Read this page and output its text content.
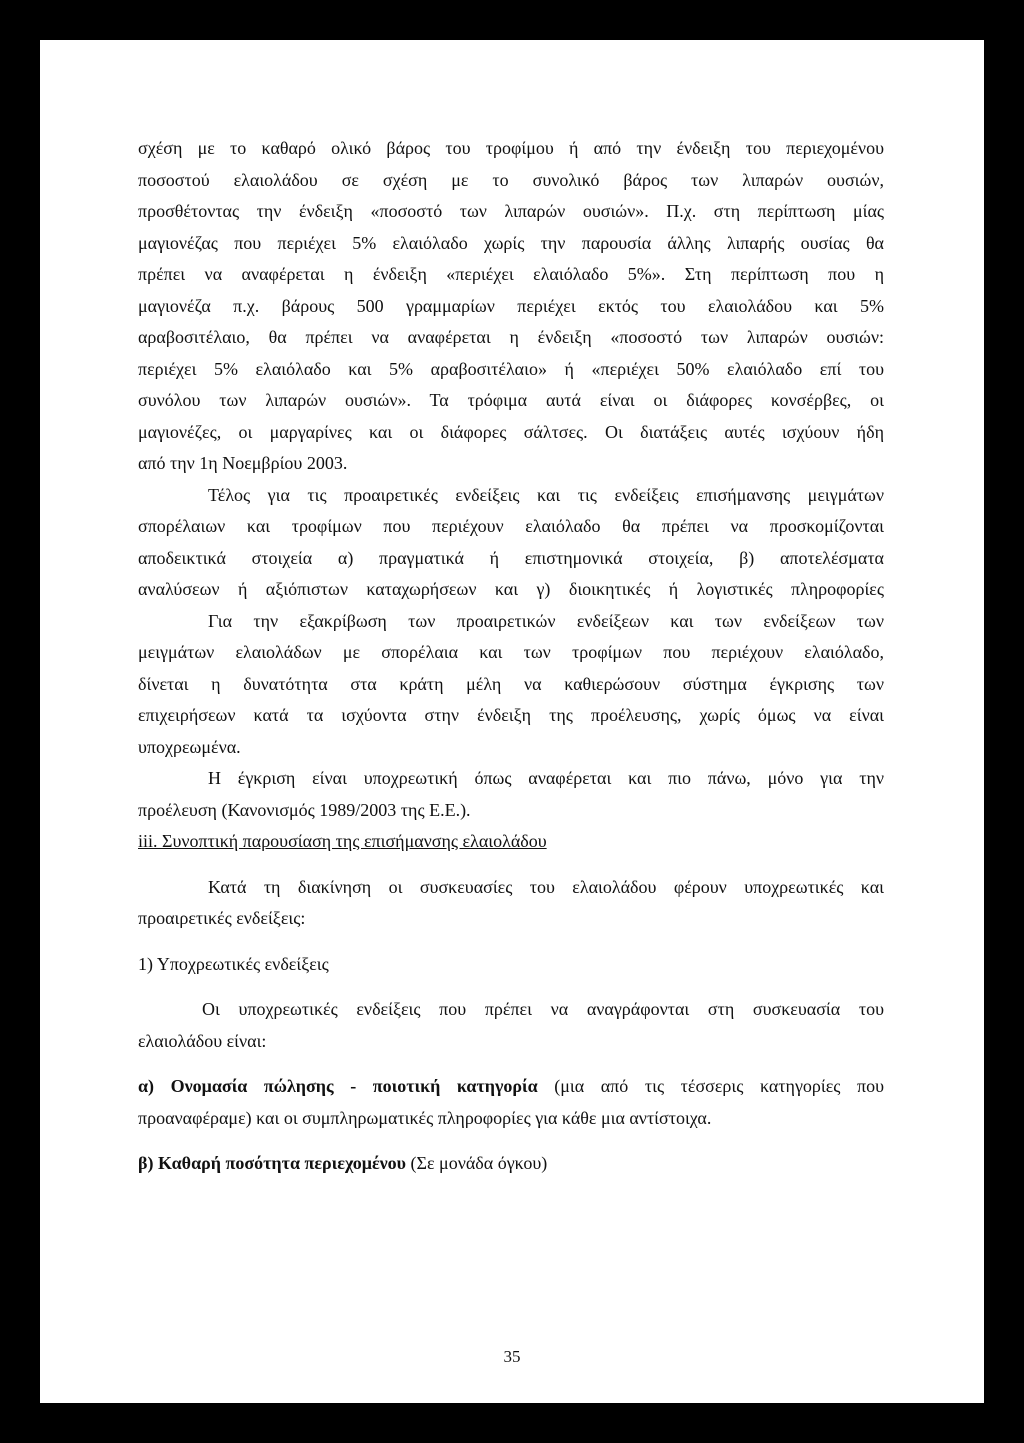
σχέση με το καθαρό ολικό βάρος του τροφίμου ή από την ένδειξη του περιεχομένου
ποσοστού ελαιολάδου σε σχέση με το συνολικό βάρος των λιπαρών ουσιών,
προσθέτοντας την ένδειξη «ποσοστό των λιπαρών ουσιών». Π.χ. στη περίπτωση μίας
μαγιονέζας που περιέχει 5% ελαιόλαδο χωρίς την παρουσία άλλης λιπαρής ουσίας θα
πρέπει να αναφέρεται η ένδειξη «περιέχει ελαιόλαδο 5%». Στη περίπτωση που η
μαγιονέζα π.χ. βάρους 500 γραμμαρίων περιέχει εκτός του ελαιολάδου και 5%
αραβοσιτέλαιο, θα πρέπει να αναφέρεται η ένδειξη «ποσοστό των λιπαρών ουσιών:
περιέχει 5% ελαιόλαδο και 5% αραβοσιτέλαιο» ή «περιέχει 50% ελαιόλαδο επί του
συνόλου των λιπαρών ουσιών». Τα τρόφιμα αυτά είναι οι διάφορες κονσέρβες, οι
μαγιονέζες, οι μαργαρίνες και οι διάφορες σάλτσες. Οι διατάξεις αυτές ισχύουν ήδη
από την 1η Νοεμβρίου 2003.
Τέλος για τις προαιρετικές ενδείξεις και τις ενδείξεις επισήμανσης μειγμάτων
σπορέλαιων και τροφίμων που περιέχουν ελαιόλαδο θα πρέπει να προσκομίζονται
αποδεικτικά στοιχεία α) πραγματικά ή επιστημονικά στοιχεία, β) αποτελέσματα
αναλύσεων ή αξιόπιστων καταχωρήσεων και γ) διοικητικές ή λογιστικές πληροφορίες
Για την εξακρίβωση των προαιρετικών ενδείξεων και των ενδείξεων των
μειγμάτων ελαιολάδων με σπορέλαια και των τροφίμων που περιέχουν ελαιόλαδο,
δίνεται η δυνατότητα στα κράτη μέλη να καθιερώσουν σύστημα έγκρισης των
επιχειρήσεων κατά τα ισχύοντα στην ένδειξη της προέλευσης, χωρίς όμως να είναι
υποχρεωμένα.
Η έγκριση είναι υποχρεωτική όπως αναφέρεται και πιο πάνω, μόνο για την
προέλευση (Κανονισμός 1989/2003 της Ε.Ε.).
iii. Συνοπτική παρουσίαση της επισήμανσης ελαιολάδου
Κατά τη διακίνηση οι συσκευασίες του ελαιολάδου φέρουν υποχρεωτικές και
προαιρετικές ενδείξεις:
1) Υποχρεωτικές ενδείξεις
Οι υποχρεωτικές ενδείξεις που πρέπει να αναγράφονται στη συσκευασία του
ελαιολάδου είναι:
α) Ονομασία πώλησης - ποιοτική κατηγορία (μια από τις τέσσερις κατηγορίες που
προαναφέραμε) και οι συμπληρωματικές πληροφορίες για κάθε μια αντίστοιχα.
β) Καθαρή ποσότητα περιεχομένου (Σε μονάδα όγκου)
35
